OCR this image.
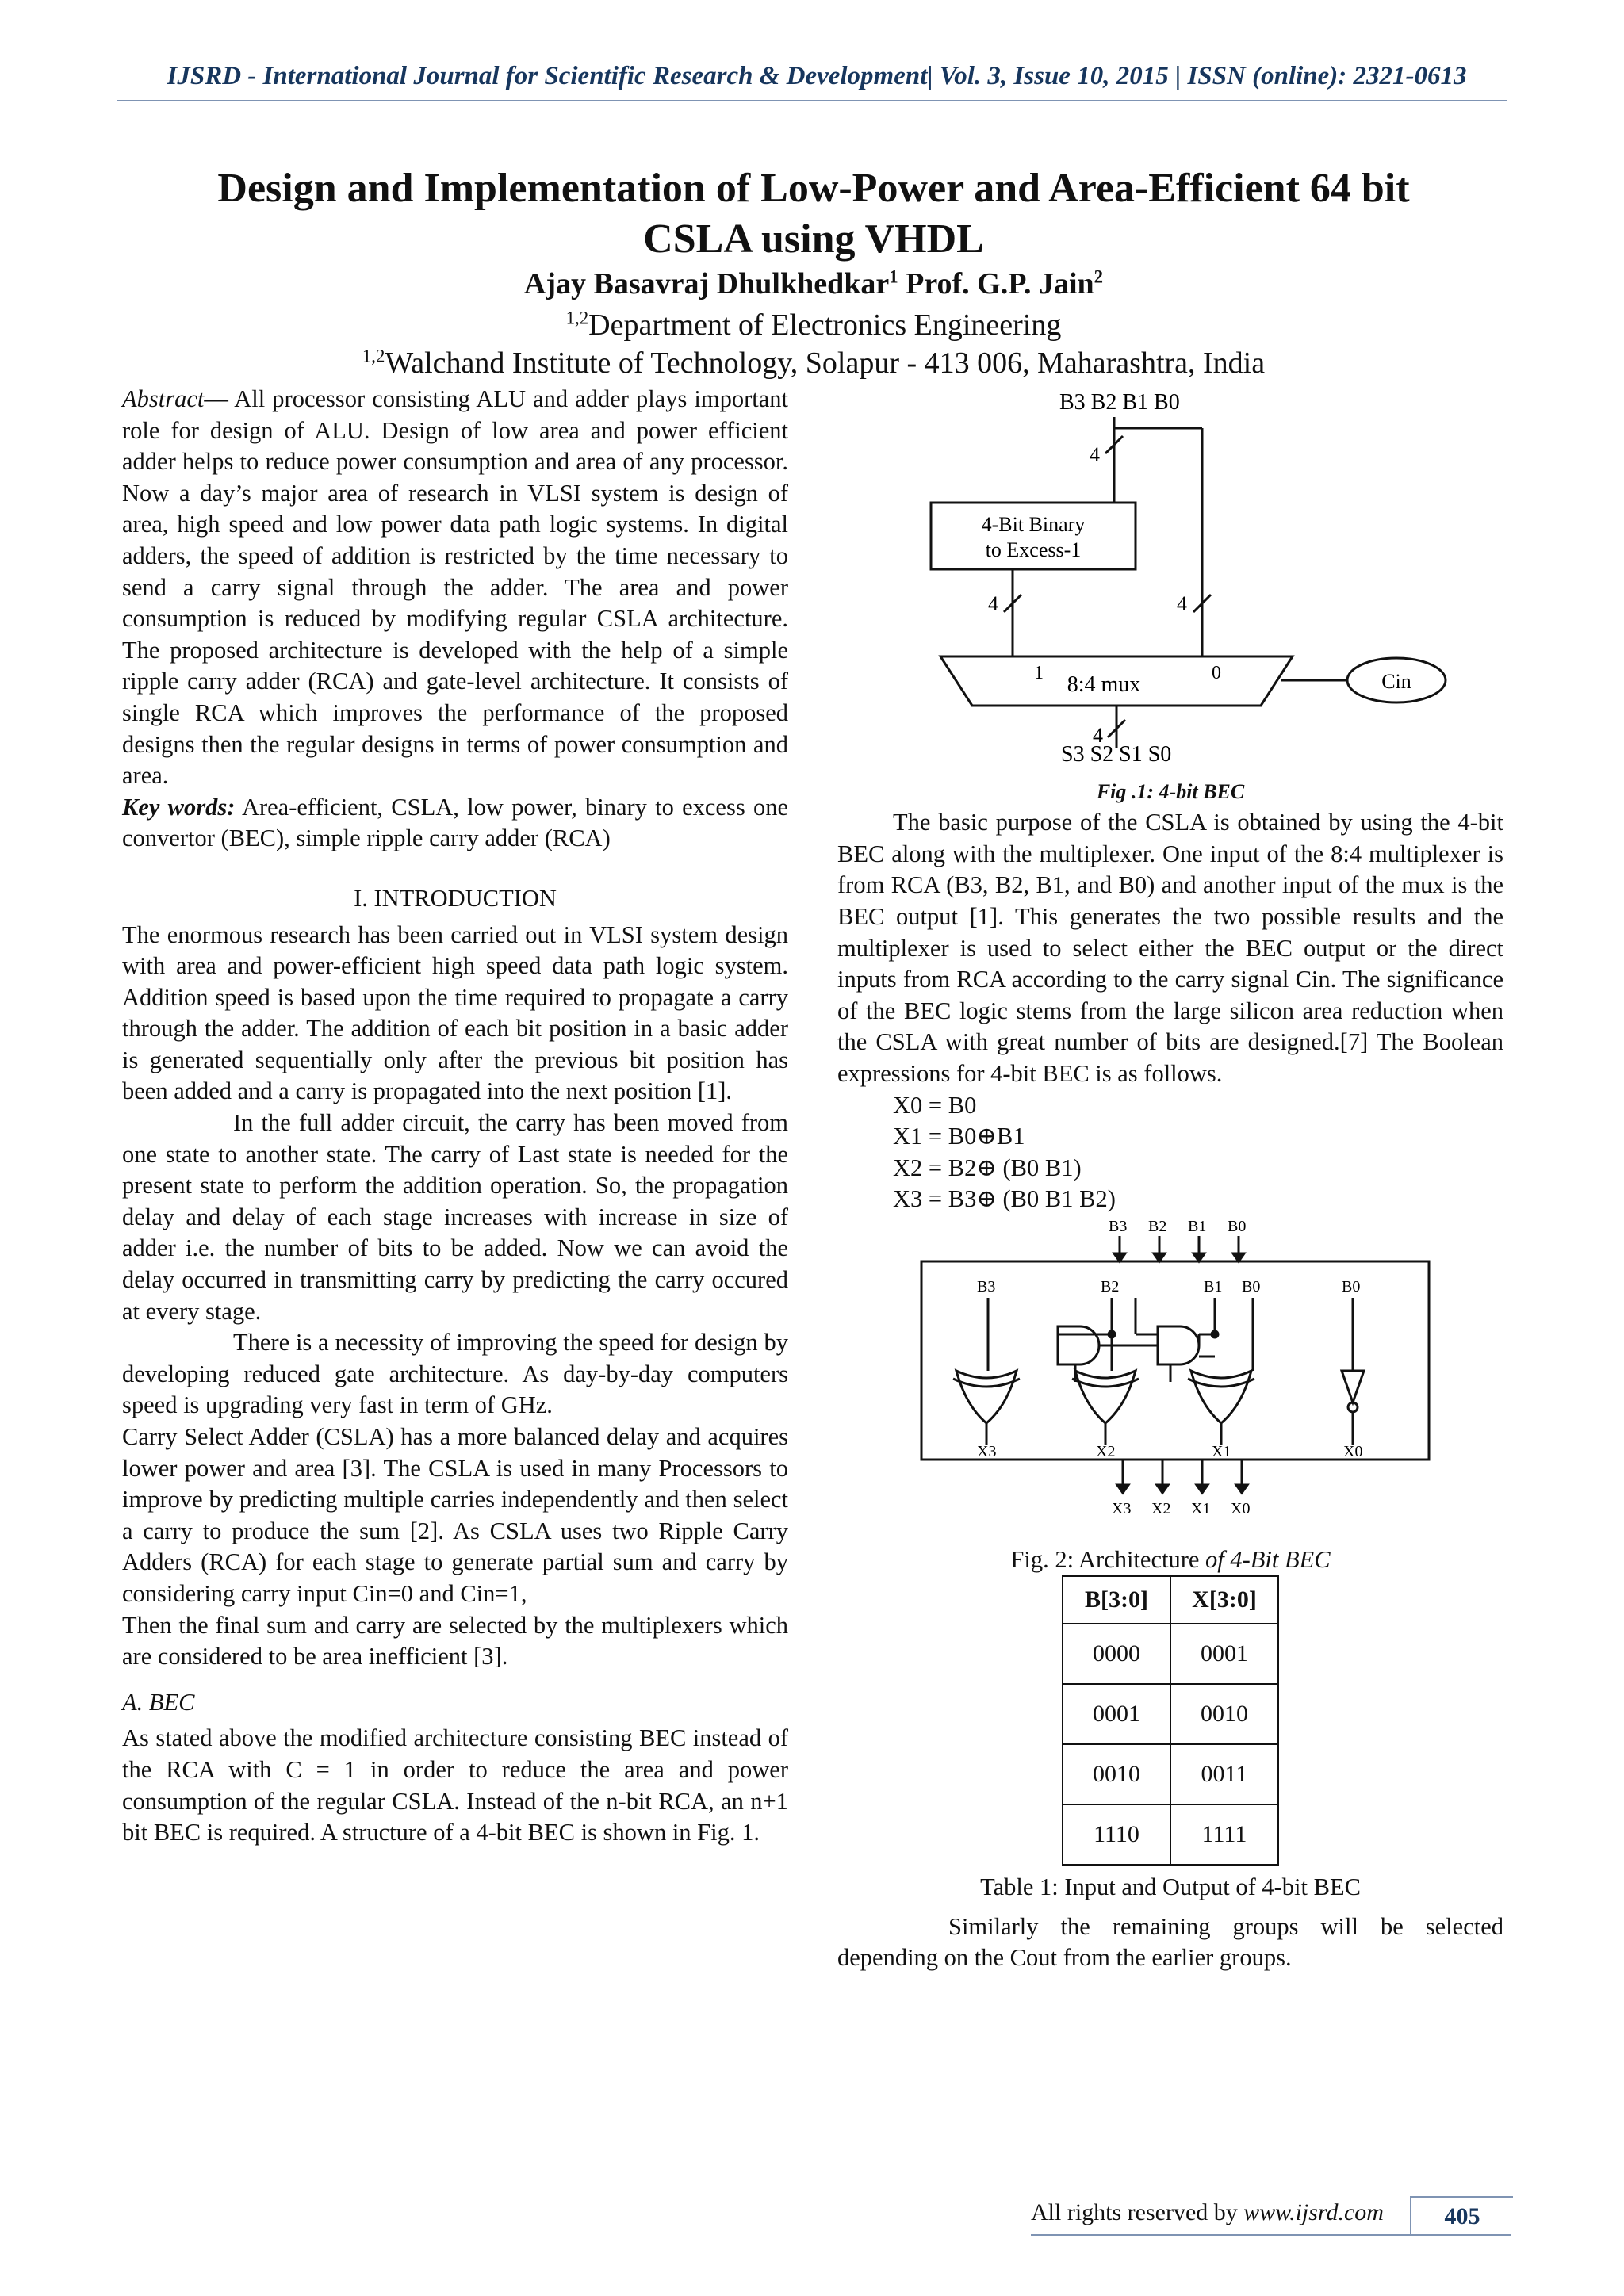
IJSRD - International Journal for Scientific Research & Development| Vol. 3, Issue 10, 2015 | ISSN (online): 2321-0613
Design and Implementation of Low-Power and Area-Efficient 64 bit
CSLA using VHDL
Ajay Basavraj Dhulkhedkar$^1$ Prof. G.P. Jain$^2$
$^{1,2}$Department of Electronics Engineering
$^{1,2}$Walchand Institute of Technology, Solapur - 413 006, Maharashtra, India

Abstract— All processor consisting ALU and adder plays important role for design of ALU. Design of low area and power efficient adder helps to reduce power consumption and area of any processor. Now a day’s major area of research in VLSI system is design of area, high speed and low power data path logic systems. In digital adders, the speed of addition is restricted by the time necessary to send a carry signal through the adder. The area and power consumption is reduced by modifying regular CSLA architecture. The proposed architecture is developed with the help of a simple ripple carry adder (RCA) and gate-level architecture. It consists of single RCA which improves the performance of the proposed designs then the regular designs in terms of power consumption and area.

Key words: Area-efficient, CSLA, low power, binary to excess one convertor (BEC), simple ripple carry adder (RCA)

I. INTRODUCTION

The enormous research has been carried out in VLSI system design with area and power-efficient high speed data path logic system. Addition speed is based upon the time required to propagate a carry through the adder. The addition of each bit position in a basic adder is generated sequentially only after the previous bit position has been added and a carry is propagated into the next position [1].

In the full adder circuit, the carry has been moved from one state to another state. The carry of Last state is needed for the present state to perform the addition operation. So, the propagation delay and delay of each stage increases with increase in size of adder i.e. the number of bits to be added. Now we can avoid the delay occurred in transmitting carry by predicting the carry occured at every stage.

There is a necessity of improving the speed for design by developing reduced gate architecture. As day-by-day computers speed is upgrading very fast in term of GHz.

Carry Select Adder (CSLA) has a more balanced delay and acquires lower power and area [3]. The CSLA is used in many Processors to improve by predicting multiple carries independently and then select a carry to produce the sum [2]. As CSLA uses two Ripple Carry Adders (RCA) for each stage to generate partial sum and carry by considering carry input Cin=0 and Cin=1,

Then the final sum and carry are selected by the multiplexers which are considered to be area inefficient [3].

A. BEC

As stated above the modified architecture consisting BEC instead of the RCA with C = 1 in order to reduce the area and power consumption of the regular CSLA. Instead of the n-bit RCA, an n+1 bit BEC is required. A structure of a 4-bit BEC is shown in Fig. 1.

B3 B2 B1 B0
4
4-Bit Binary
to Excess-1
4	4
1	0
8:4 mux	Cin
4
S3 S2 S1 S0

Fig .1: 4-bit BEC

The basic purpose of the CSLA is obtained by using the 4-bit BEC along with the multiplexer. One input of the 8:4 multiplexer is from RCA (B3, B2, B1, and B0) and another input of the mux is the BEC output [1]. This generates the two possible results and the multiplexer is used to select either the BEC output or the direct inputs from RCA according to the carry signal Cin. The significance of the BEC logic stems from the large silicon area reduction when the CSLA with great number of bits are designed.[7] The Boolean expressions for 4-bit BEC is as follows.

X0 = B0

X1 = B0⊕B1

X2 = B2⊕ (B0 B1)

X3 = B3⊕ (B0 B1 B2)

B3 B2 B1 B0
B3	B2	B1 B0	B0
X3	X2	X1	X0
X3 X2 X1 X0

Fig. 2: Architecture of 4-Bit BEC

B[3:0]	X[3:0]
0000	0001
0001	0010
0010	0011
1110	1111

Table 1: Input and Output of 4-bit BEC

Similarly the remaining groups will be selected depending on the Cout from the earlier groups.

All rights reserved by www.ijsrd.com	405
